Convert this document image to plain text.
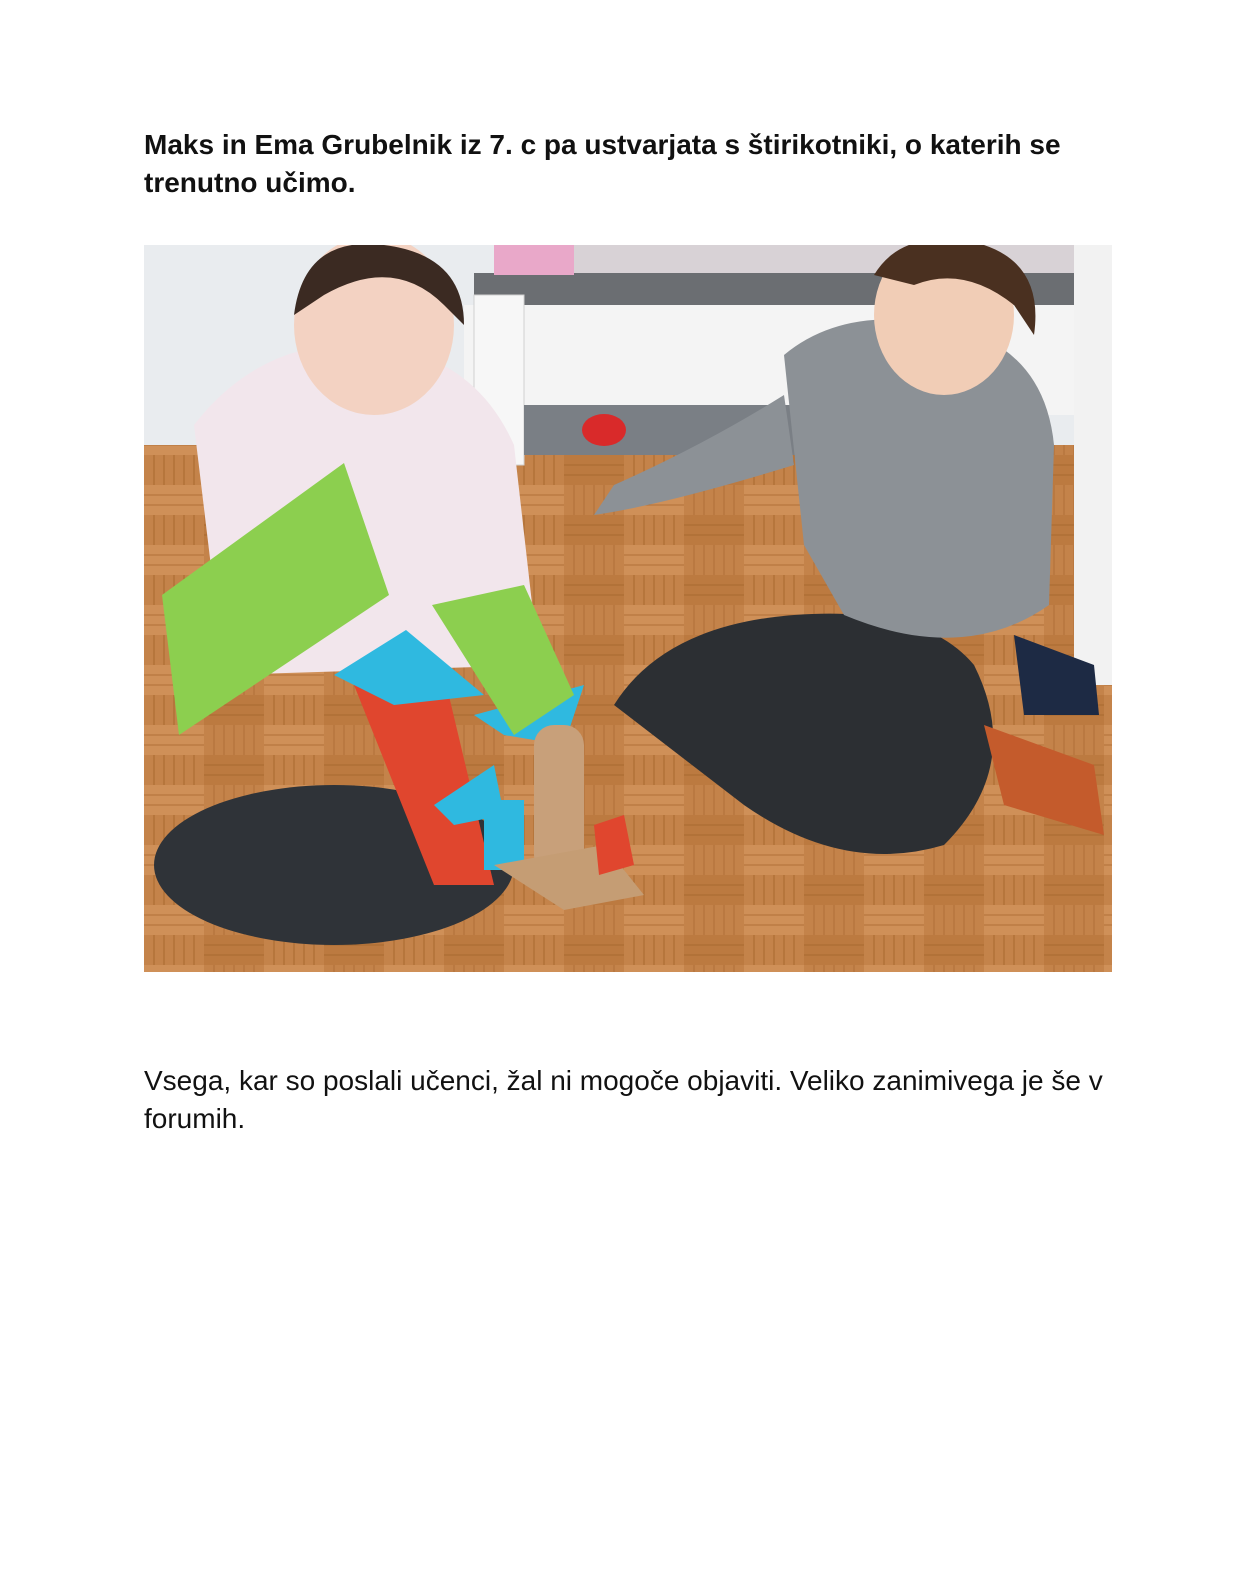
Maks in Ema Grubelnik iz 7. c pa ustvarjata s štirikotniki, o katerih se trenutno učimo.

Vsega, kar so poslali učenci, žal ni mogoče objaviti. Veliko zanimivega je še v forumih.
